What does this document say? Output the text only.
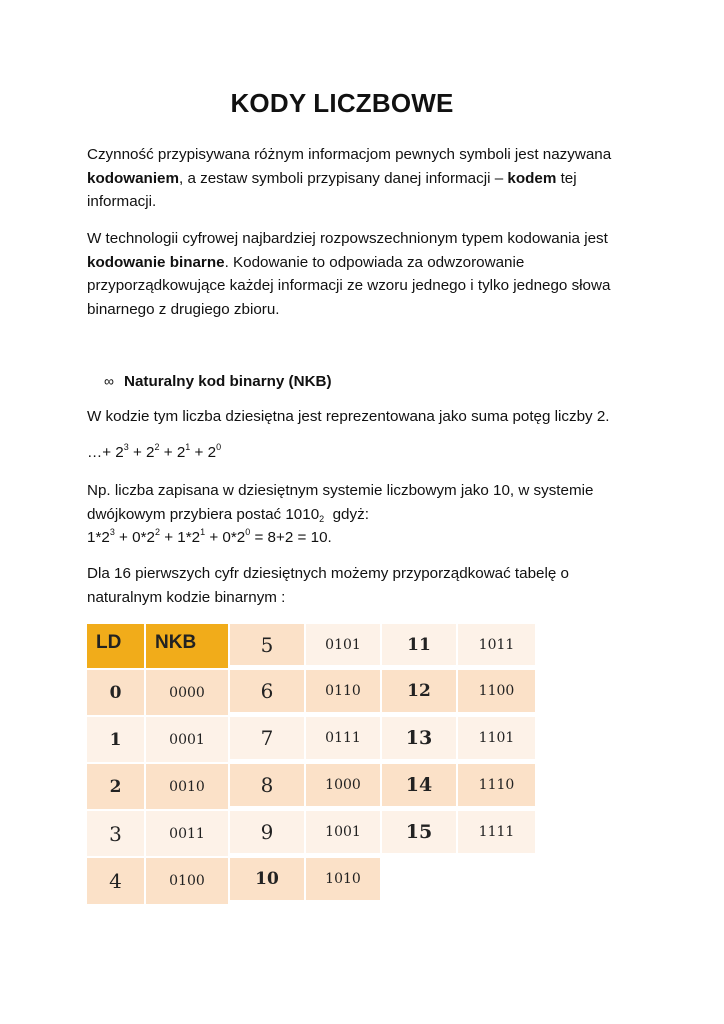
KODY LICZBOWE
Czynność przypisywana różnym informacjom pewnych symboli jest nazywana
kodowaniem, a zestaw symboli przypisany danej informacji – kodem tej
informacji.
W technologii cyfrowej najbardziej rozpowszechnionym typem kodowania jest
kodowanie binarne. Kodowanie to odpowiada za odwzorowanie
przyporządkowujące każdej informacji ze wzoru jednego i tylko jednego słowa
binarnego z drugiego zbioru.
∞ Naturalny kod binarny (NKB)
W kodzie tym liczba dziesiętna jest reprezentowana jako suma potęg liczby 2.
…+ $2^3 + 2^2 + 2^1 + 2^0$
Np. liczba zapisana w dziesiętnym systemie liczbowym jako 10, w systemie
dwójkowym przybiera postać $1010_2$  gdyż:
$1*2^3 + 0*2^2 + 1*2^1 + 0*2^0 = 8+2 = 10$.
Dla 16 pierwszych cyfr dziesiętnych możemy przyporządkować tabelę o
naturalnym kodzie binarnym :
LD	NKB
0	0000
1	0001
2	0010
3	0011
4	0100
5	0101
6	0110
7	0111
8	1000
9	1001
10	1010
11	1011
12	1100
13	1101
14	1110
15	1111
